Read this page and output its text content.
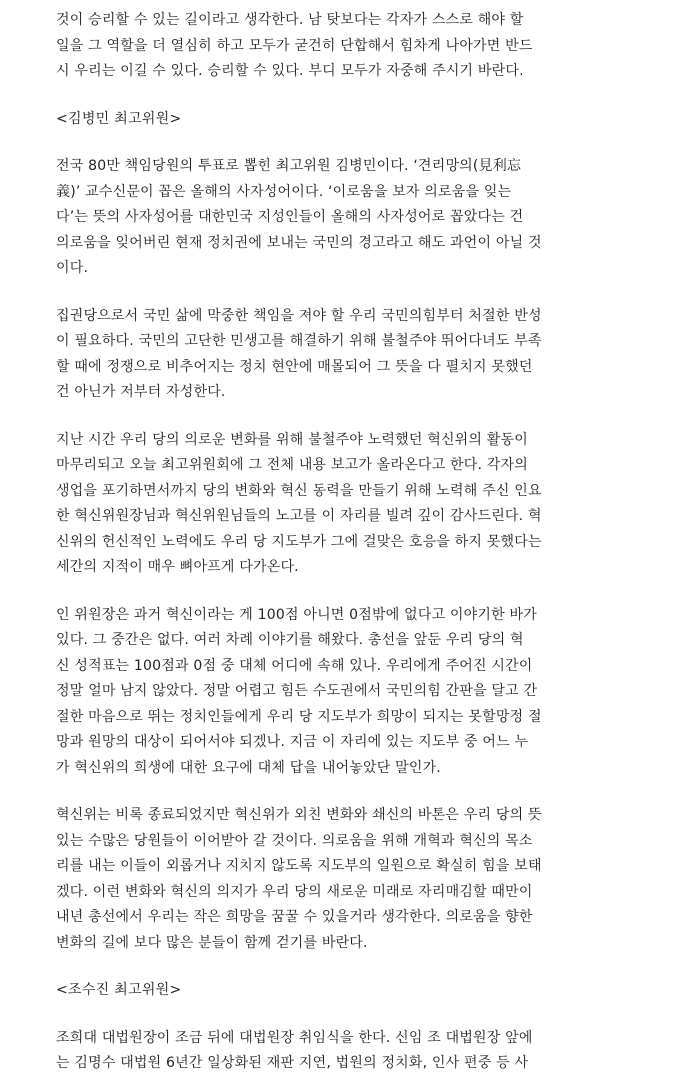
것이 승리할 수 있는 길이라고 생각한다. 남 탓보다는 각자가 스스로 해야 할
일을 그 역할을 더 열심히 하고 모두가 굳건히 단합해서 힘차게 나아가면 반드
시 우리는 이길 수 있다. 승리할 수 있다. 부디 모두가 자중해 주시기 바란다.
<김병민 최고위원>
전국 80만 책임당원의 투표로 뽑힌 최고위원 김병민이다. ‘견리망의(見利忘
義)’ 교수신문이 꼽은 올해의 사자성어이다. ‘이로움을 보자 의로움을 잊는
다’는 뜻의 사자성어를 대한민국 지성인들이 올해의 사자성어로 꼽았다는 건
의로움을 잊어버린 현재 정치권에 보내는 국민의 경고라고 해도 과언이 아닐 것
이다.
집권당으로서 국민 삶에 막중한 책임을 져야 할 우리 국민의힘부터 처절한 반성
이 필요하다. 국민의 고단한 민생고를 해결하기 위해 불철주야 뛰어다녀도 부족
할 때에 정쟁으로 비추어지는 정치 현안에 매몰되어 그 뜻을 다 펼치지 못했던
건 아닌가 저부터 자성한다.
지난 시간 우리 당의 의로운 변화를 위해 불철주야 노력했던 혁신위의 활동이
마무리되고 오늘 최고위원회에 그 전체 내용 보고가 올라온다고 한다. 각자의
생업을 포기하면서까지 당의 변화와 혁신 동력을 만들기 위해 노력해 주신 인요
한 혁신위원장님과 혁신위원님들의 노고를 이 자리를 빌려 깊이 감사드린다. 혁
신위의 헌신적인 노력에도 우리 당 지도부가 그에 걸맞은 호응을 하지 못했다는
세간의 지적이 매우 뼈아프게 다가온다.
인 위원장은 과거 혁신이라는 게 100점 아니면 0점밖에 없다고 이야기한 바가
있다. 그 중간은 없다. 여러 차례 이야기를 해왔다. 총선을 앞둔 우리 당의 혁
신 성적표는 100점과 0점 중 대체 어디에 속해 있나. 우리에게 주어진 시간이
정말 얼마 남지 않았다. 정말 어렵고 힘든 수도권에서 국민의힘 간판을 달고 간
절한 마음으로 뛰는 정치인들에게 우리 당 지도부가 희망이 되지는 못할망정 절
망과 원망의 대상이 되어서야 되겠나. 지금 이 자리에 있는 지도부 중 어느 누
가 혁신위의 희생에 대한 요구에 대체 답을 내어놓았단 말인가.
혁신위는 비록 종료되었지만 혁신위가 외친 변화와 쇄신의 바톤은 우리 당의 뜻
있는 수많은 당원들이 이어받아 갈 것이다. 의로움을 위해 개혁과 혁신의 목소
리를 내는 이들이 외롭거나 지치지 않도록 지도부의 일원으로 확실히 힘을 보태
겠다. 이런 변화와 혁신의 의지가 우리 당의 새로운 미래로 자리매김할 때만이
내년 총선에서 우리는 작은 희망을 꿈꿀 수 있을거라 생각한다. 의로움을 향한
변화의 길에 보다 많은 분들이 함께 걷기를 바란다.
<조수진 최고위원>
조희대 대법원장이 조금 뒤에 대법원장 취임식을 한다. 신임 조 대법원장 앞에
는 김명수 대법원 6년간 일상화된 재판 지연, 법원의 정치화, 인사 편중 등 사
